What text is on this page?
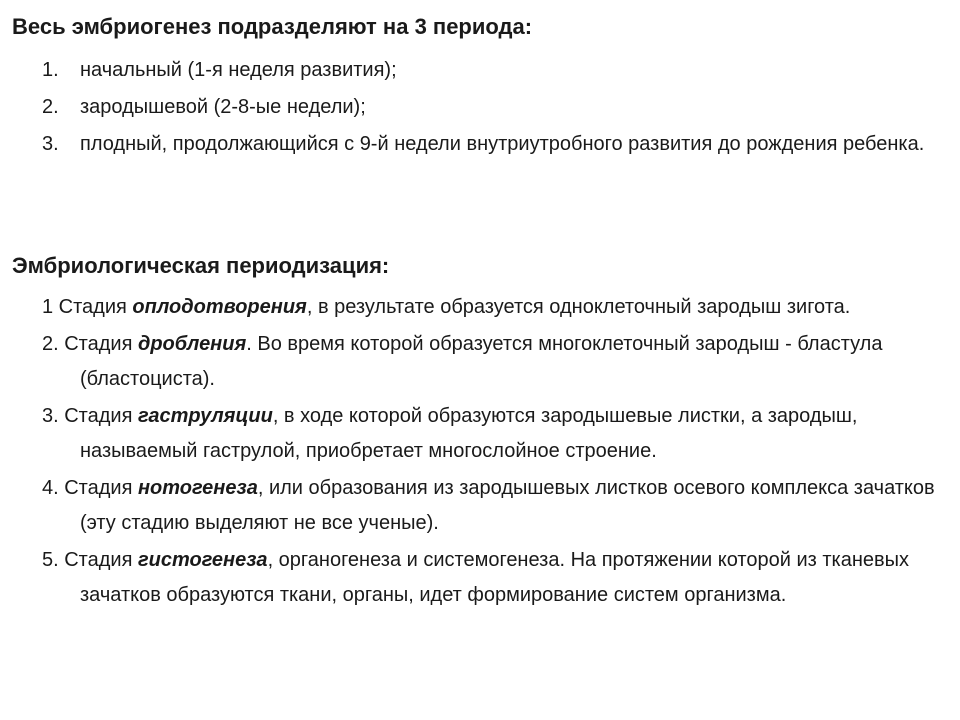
Весь эмбриогенез подразделяют на 3 периода:
1. начальный (1-я неделя развития);
2. зародышевой (2-8-ые недели);
3. плодный, продолжающийся с 9-й недели внутриутробного развития до рождения ребенка.
Эмбриологическая периодизация:
1 Стадия оплодотворения, в результате образуется одноклеточный зародыш зигота.
2. Стадия дробления. Во время которой образуется многоклеточный зародыш - бластула (бластоциста).
3. Стадия гаструляции, в ходе которой образуются зародышевые листки, а зародыш, называемый гаструлой, приобретает многослойное строение.
4. Стадия нотогенеза, или образования из зародышевых листков осевого комплекса зачатков (эту стадию выделяют не все ученые).
5. Стадия гистогенеза, органогенеза и системогенеза. На протяжении которой из тканевых зачатков образуются ткани, органы, идет формирование систем организма.
